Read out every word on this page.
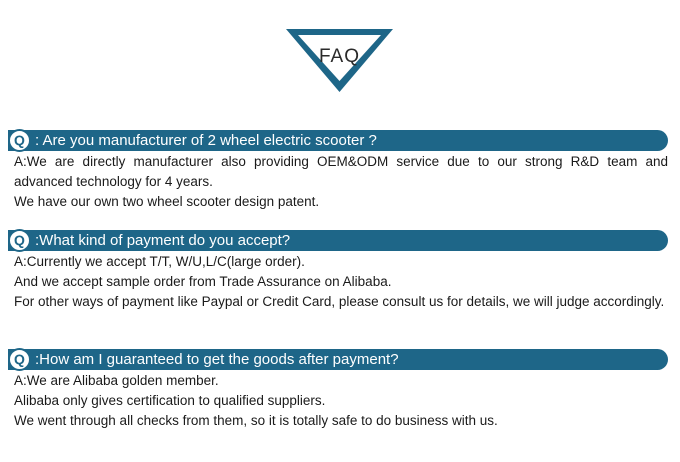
FAQ
Q : Are you manufacturer of 2 wheel electric scooter ?

A:We are directly manufacturer also providing OEM&ODM service due to our strong R&D team and advanced technology for 4 years.

We have our own two wheel scooter design patent.

Q :What kind of payment do you accept?

A:Currently we accept T/T, W/U,L/C(large order).

And we accept sample order from Trade Assurance on Alibaba.

For other ways of payment like Paypal or Credit Card, please consult us for details, we will judge accordingly.

Q :How am I guaranteed to get the goods after payment?

A:We are Alibaba golden member.

Alibaba only gives certification to qualified suppliers.

We went through all checks from them, so it is totally safe to do business with us.
